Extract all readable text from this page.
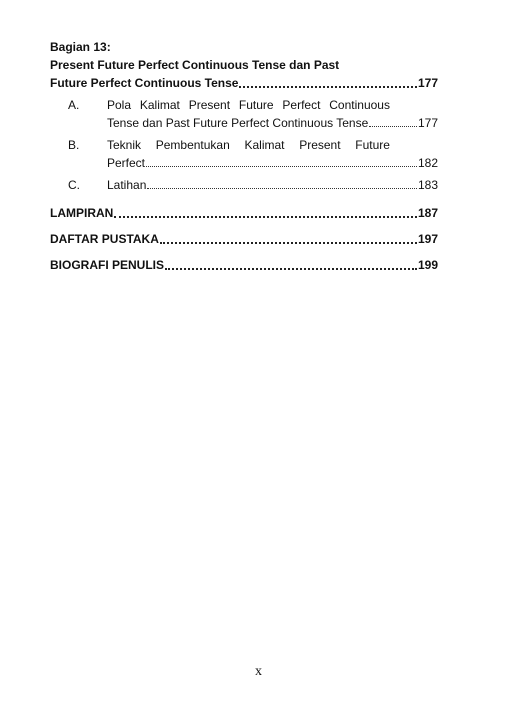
Bagian 13:
Present Future Perfect Continuous Tense dan Past
Future Perfect Continuous Tense	177
A.	Pola Kalimat Present Future Perfect Continuous
Tense dan Past Future Perfect Continuous Tense	177
B.	Teknik Pembentukan Kalimat Present Future
Perfect	182
C.	Latihan	183
LAMPIRAN	187
DAFTAR PUSTAKA	197
BIOGRAFI PENULIS	199
x
